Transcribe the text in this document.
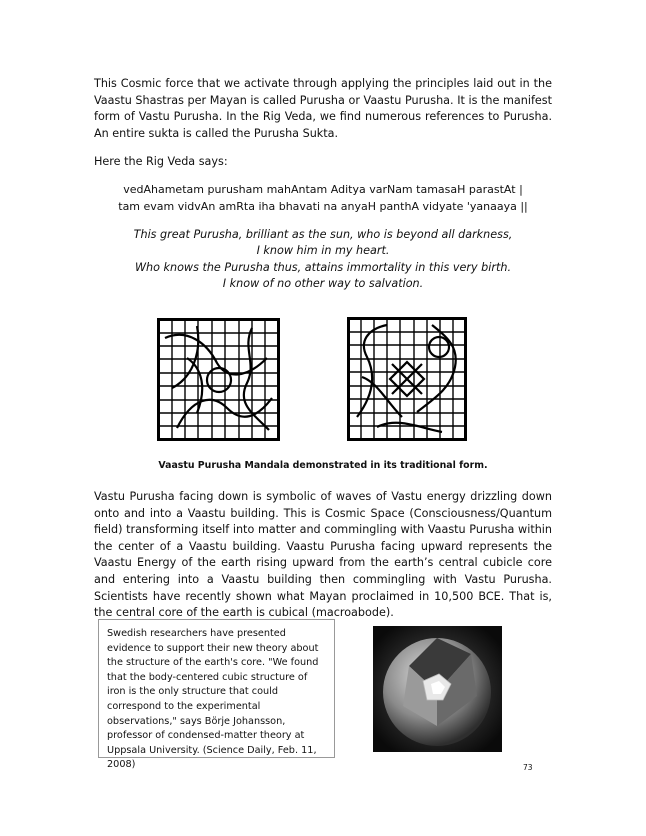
This Cosmic force that we activate through applying the principles laid out in the Vaastu Shastras per Mayan is called Purusha or Vaastu Purusha. It is the manifest form of Vastu Purusha. In the Rig Veda, we find numerous references to Purusha. An entire sukta is called the Purusha Sukta.

Here the Rig Veda says:

vedAhametam purusham mahAntam Aditya varNam tamasaH parastAt |
tam evam vidvAn amRta iha bhavati na anyaH panthA vidyate 'yanaaya ||
This great Purusha, brilliant as the sun, who is beyond all darkness,
I know him in my heart.
Who knows the Purusha thus, attains immortality in this very birth.
I know of no other way to salvation.
Vaastu Purusha Mandala demonstrated in its traditional form.

Vastu Purusha facing down is symbolic of waves of Vastu energy drizzling down onto and into a Vaastu building. This is Cosmic Space (Consciousness/Quantum field) transforming itself into matter and commingling with Vaastu Purusha within the center of a Vaastu building. Vaastu Purusha facing upward represents the Vaastu Energy of the earth rising upward from the earth’s central cubicle core and entering into a Vaastu building then commingling with Vastu Purusha. Scientists have recently shown what Mayan proclaimed in 10,500 BCE. That is, the central core of the earth is cubical (macroabode).

Swedish researchers have presented evidence to support their new theory about the structure of the earth's core. "We found that the body-centered cubic structure of iron is the only structure that could correspond to the experimental observations," says Börje Johansson, professor of condensed-matter theory at Uppsala University. (Science Daily, Feb. 11, 2008)	73
